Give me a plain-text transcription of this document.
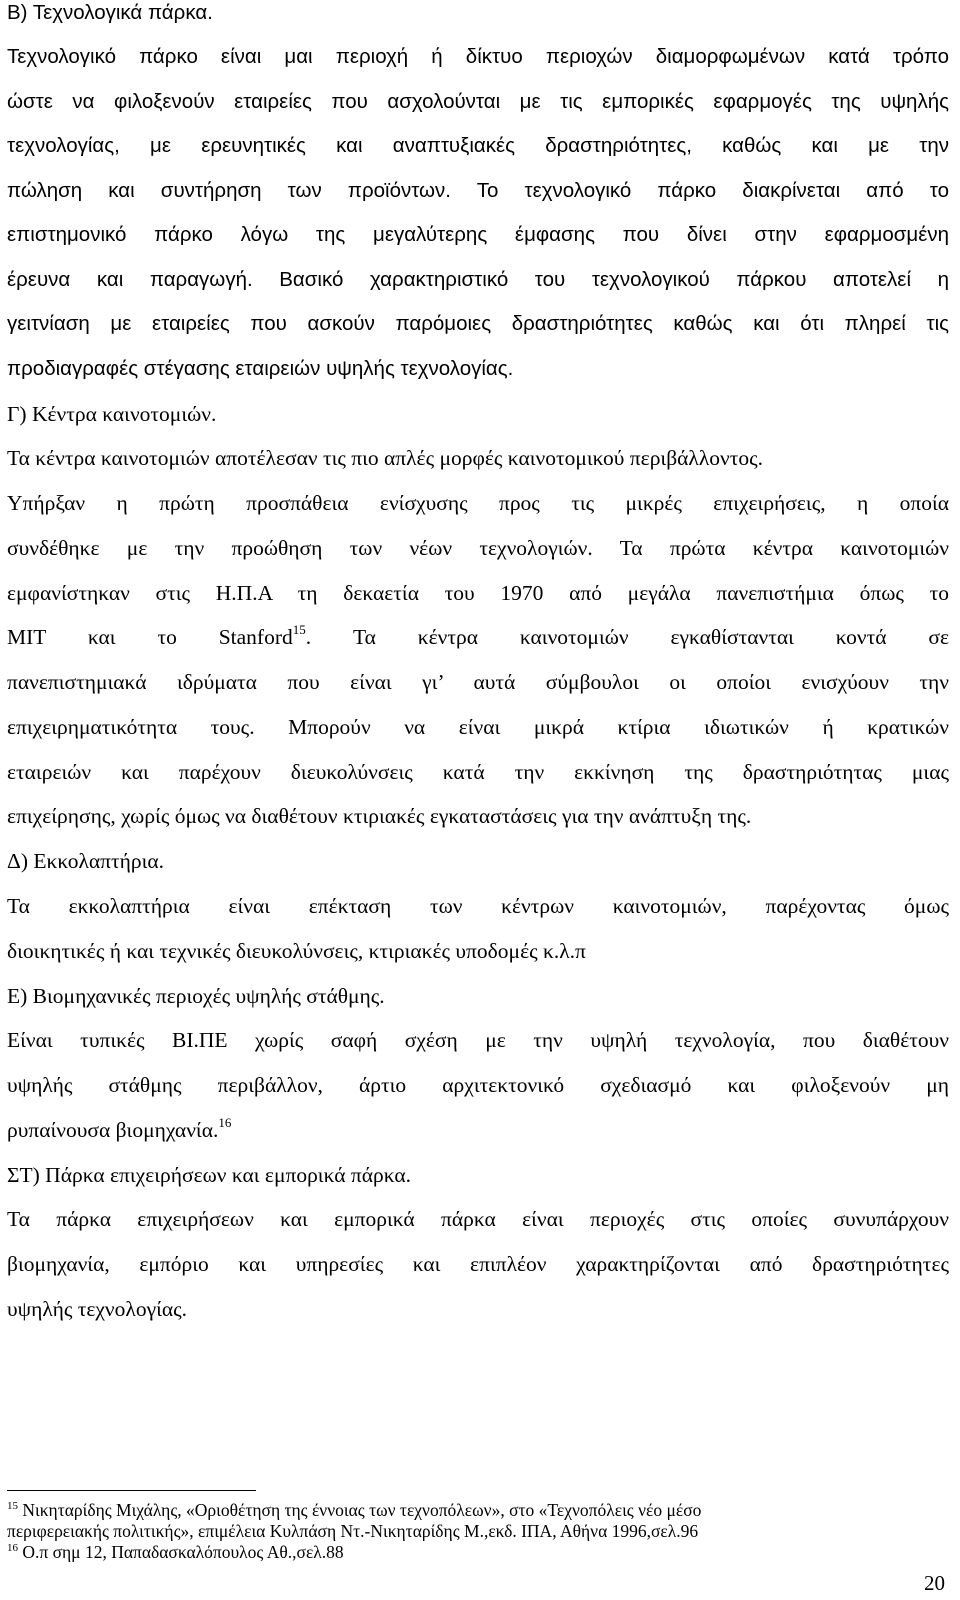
Β) Τεχνολογικά πάρκα.
Τεχνολογικό πάρκο είναι μαι περιοχή ή δίκτυο περιοχών διαμορφωμένων κατά τρόπο
ώστε να φιλοξενούν εταιρείες που ασχολούνται με τις εμπορικές εφαρμογές της υψηλής
τεχνολογίας, με ερευνητικές και αναπτυξιακές δραστηριότητες, καθώς και με την
πώληση και συντήρηση των προϊόντων. Το τεχνολογικό πάρκο διακρίνεται από το
επιστημονικό πάρκο λόγω της μεγαλύτερης έμφασης που δίνει στην εφαρμοσμένη
έρευνα και παραγωγή. Βασικό χαρακτηριστικό του τεχνολογικού πάρκου αποτελεί η
γειτνίαση με εταιρείες που ασκούν παρόμοιες δραστηριότητες καθώς και ότι πληρεί τις
προδιαγραφές στέγασης εταιρειών υψηλής τεχνολογίας.
Γ) Κέντρα καινοτομιών.
Τα κέντρα καινοτομιών αποτέλεσαν τις πιο απλές μορφές καινοτομικού περιβάλλοντος.
Υπήρξαν η πρώτη προσπάθεια ενίσχυσης προς τις μικρές επιχειρήσεις, η οποία
συνδέθηκε με την προώθηση των νέων τεχνολογιών. Τα πρώτα κέντρα καινοτομιών
εμφανίστηκαν στις Η.Π.Α τη δεκαετία του 1970 από μεγάλα πανεπιστήμια όπως το
MIT και το Stanford$^{15}$. Τα κέντρα καινοτομιών εγκαθίστανται κοντά σε
πανεπιστημιακά ιδρύματα που είναι γι’ αυτά σύμβουλοι οι οποίοι ενισχύουν την
επιχειρηματικότητα τους. Μπορούν να είναι μικρά κτίρια ιδιωτικών ή κρατικών
εταιρειών και παρέχουν διευκολύνσεις κατά την εκκίνηση της δραστηριότητας μιας
επιχείρησης, χωρίς όμως να διαθέτουν κτιριακές εγκαταστάσεις για την ανάπτυξη της.
Δ) Εκκολαπτήρια.
Τα εκκολαπτήρια είναι επέκταση των κέντρων καινοτομιών, παρέχοντας όμως
διοικητικές ή και τεχνικές διευκολύνσεις, κτιριακές υποδομές κ.λ.π
Ε) Βιομηχανικές περιοχές υψηλής στάθμης.
Είναι τυπικές ΒΙ.ΠΕ χωρίς σαφή σχέση με την υψηλή τεχνολογία, που διαθέτουν
υψηλής στάθμης περιβάλλον, άρτιο αρχιτεκτονικό σχεδιασμό και φιλοξενούν μη
ρυπαίνουσα βιομηχανία.$^{16}$
ΣΤ) Πάρκα επιχειρήσεων και εμπορικά πάρκα.
Τα πάρκα επιχειρήσεων και εμπορικά πάρκα είναι περιοχές στις οποίες συνυπάρχουν
βιομηχανία, εμπόριο και υπηρεσίες και επιπλέον χαρακτηρίζονται από δραστηριότητες
υψηλής τεχνολογίας.
$^{15}$ Νικηταρίδης Μιχάλης, «Οριοθέτηση της έννοιας των τεχνοπόλεων», στο «Τεχνοπόλεις νέο μέσο
περιφερειακής πολιτικής», επιμέλεια Κυλπάση Ντ.-Νικηταρίδης Μ.,εκδ. ΙΠΑ, Αθήνα 1996,σελ.96
$^{16}$ Ο.π σημ 12, Παπαδασκαλόπουλος Αθ.,σελ.88
20
